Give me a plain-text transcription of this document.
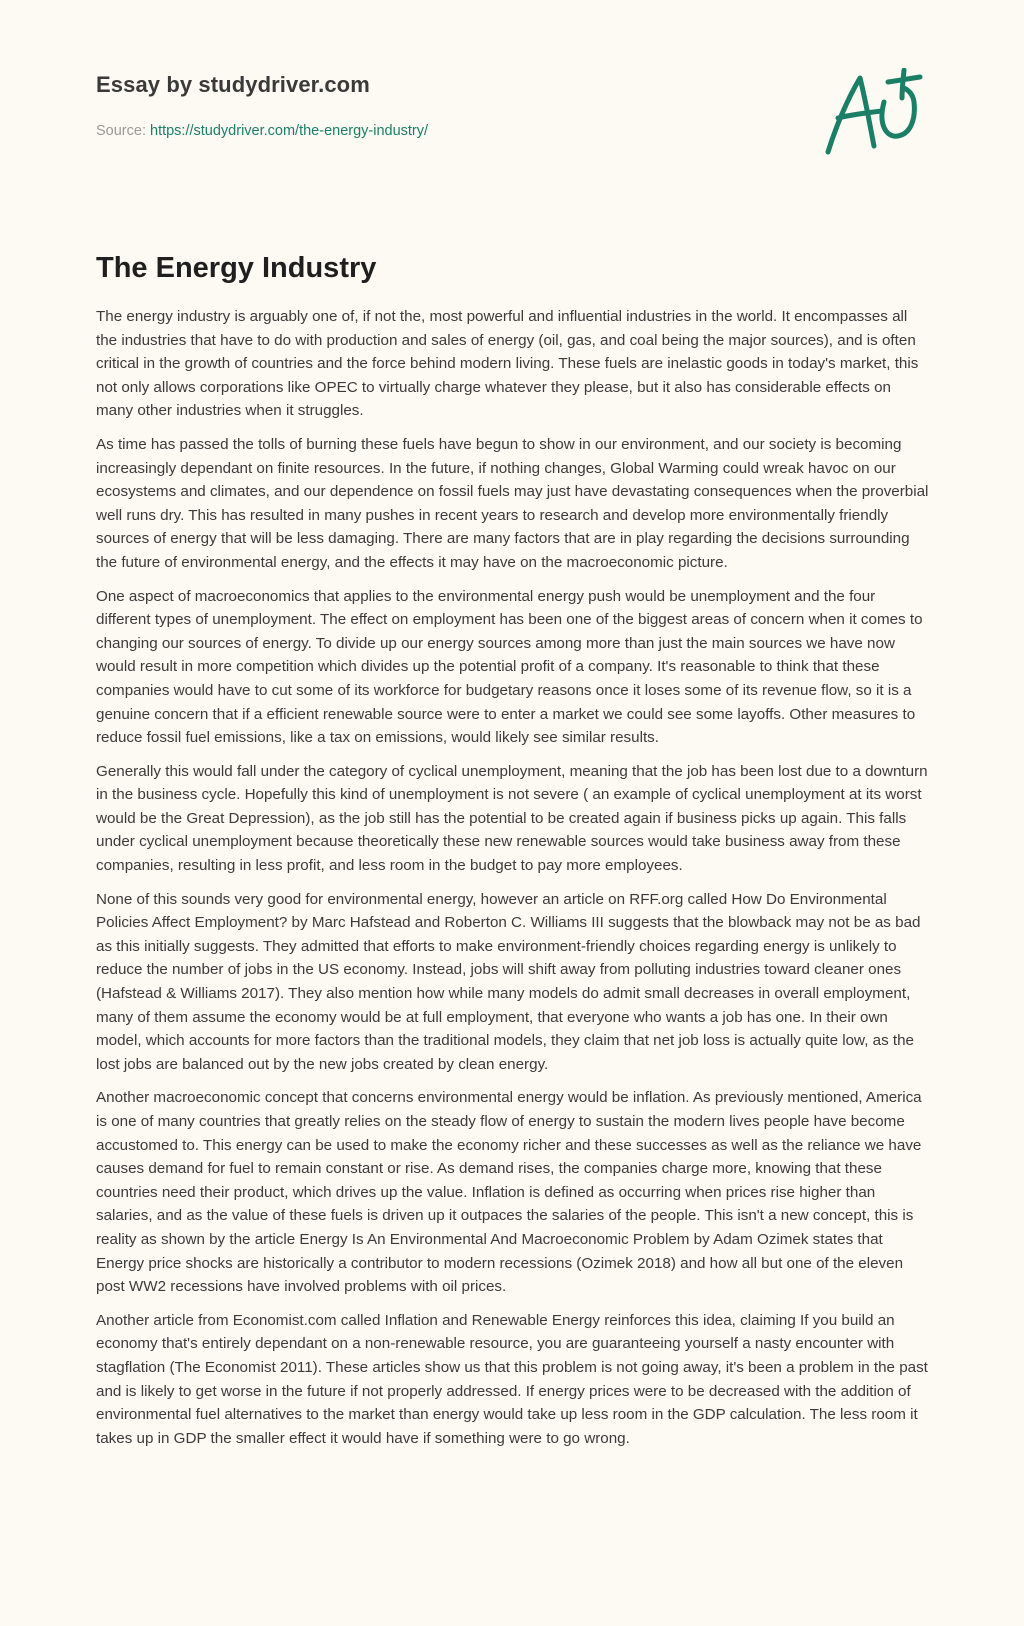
Essay by studydriver.com
Source: https://studydriver.com/the-energy-industry/
The Energy Industry

The energy industry is arguably one of, if not the, most powerful and influential industries in the world. It encompasses all the industries that have to do with production and sales of energy (oil, gas, and coal being the major sources), and is often critical in the growth of countries and the force behind modern living. These fuels are inelastic goods in today's market, this not only allows corporations like OPEC to virtually charge whatever they please, but it also has considerable effects on many other industries when it struggles.

As time has passed the tolls of burning these fuels have begun to show in our environment, and our society is becoming increasingly dependant on finite resources. In the future, if nothing changes, Global Warming could wreak havoc on our ecosystems and climates, and our dependence on fossil fuels may just have devastating consequences when the proverbial well runs dry. This has resulted in many pushes in recent years to research and develop more environmentally friendly sources of energy that will be less damaging. There are many factors that are in play regarding the decisions surrounding the future of environmental energy, and the effects it may have on the macroeconomic picture.

One aspect of macroeconomics that applies to the environmental energy push would be unemployment and the four different types of unemployment. The effect on employment has been one of the biggest areas of concern when it comes to changing our sources of energy. To divide up our energy sources among more than just the main sources we have now would result in more competition which divides up the potential profit of a company. It's reasonable to think that these companies would have to cut some of its workforce for budgetary reasons once it loses some of its revenue flow, so it is a genuine concern that if a efficient renewable source were to enter a market we could see some layoffs. Other measures to reduce fossil fuel emissions, like a tax on emissions, would likely see similar results.

Generally this would fall under the category of cyclical unemployment, meaning that the job has been lost due to a downturn in the business cycle. Hopefully this kind of unemployment is not severe ( an example of cyclical unemployment at its worst would be the Great Depression), as the job still has the potential to be created again if business picks up again. This falls under cyclical unemployment because theoretically these new renewable sources would take business away from these companies, resulting in less profit, and less room in the budget to pay more employees.

None of this sounds very good for environmental energy, however an article on RFF.org called How Do Environmental Policies Affect Employment? by Marc Hafstead and Roberton C. Williams III suggests that the blowback may not be as bad as this initially suggests. They admitted that efforts to make environment-friendly choices regarding energy is unlikely to reduce the number of jobs in the US economy. Instead, jobs will shift away from polluting industries toward cleaner ones (Hafstead & Williams 2017). They also mention how while many models do admit small decreases in overall employment, many of them assume the economy would be at full employment, that everyone who wants a job has one. In their own model, which accounts for more factors than the traditional models, they claim that net job loss is actually quite low, as the lost jobs are balanced out by the new jobs created by clean energy.

Another macroeconomic concept that concerns environmental energy would be inflation. As previously mentioned, America is one of many countries that greatly relies on the steady flow of energy to sustain the modern lives people have become accustomed to. This energy can be used to make the economy richer and these successes as well as the reliance we have causes demand for fuel to remain constant or rise. As demand rises, the companies charge more, knowing that these countries need their product, which drives up the value. Inflation is defined as occurring when prices rise higher than salaries, and as the value of these fuels is driven up it outpaces the salaries of the people. This isn't a new concept, this is reality as shown by the article Energy Is An Environmental And Macroeconomic Problem by Adam Ozimek states that Energy price shocks are historically a contributor to modern recessions (Ozimek 2018) and how all but one of the eleven post WW2 recessions have involved problems with oil prices.

Another article from Economist.com called Inflation and Renewable Energy reinforces this idea, claiming If you build an economy that's entirely dependant on a non-renewable resource, you are guaranteeing yourself a nasty encounter with stagflation (The Economist 2011). These articles show us that this problem is not going away, it's been a problem in the past and is likely to get worse in the future if not properly addressed. If energy prices were to be decreased with the addition of environmental fuel alternatives to the market than energy would take up less room in the GDP calculation. The less room it takes up in GDP the smaller effect it would have if something were to go wrong.
